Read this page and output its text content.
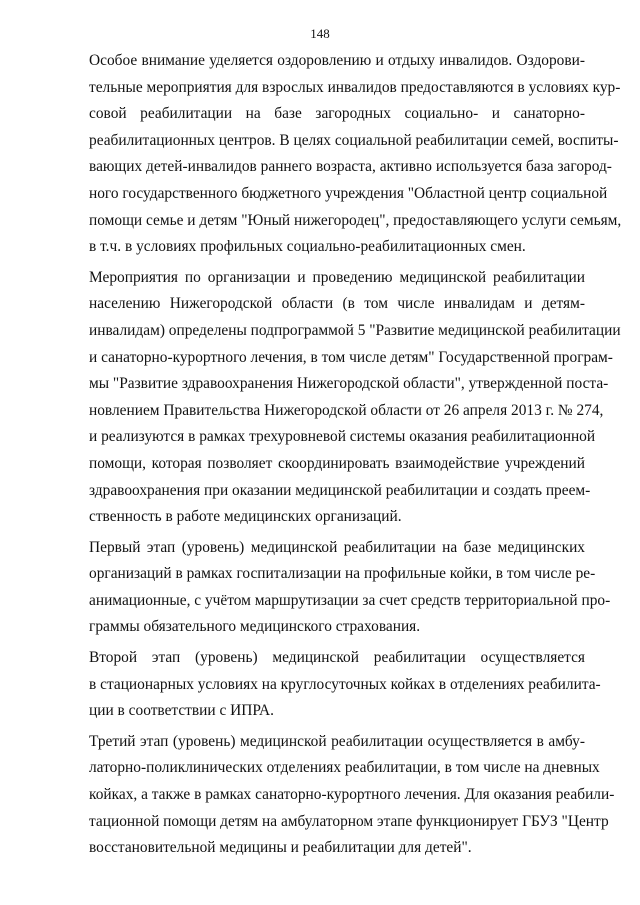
148

Особое внимание уделяется оздоровлению и отдыху инвалидов. Оздорови-
тельные мероприятия для взрослых инвалидов предоставляются в условиях кур-
совой реабилитации на базе загородных социально- и санаторно-
реабилитационных центров. В целях социальной реабилитации семей, воспиты-
вающих детей-инвалидов раннего возраста, активно используется база загород-
ного государственного бюджетного учреждения "Областной центр социальной
помощи семье и детям "Юный нижегородец", предоставляющего услуги семьям,
в т.ч. в условиях профильных социально-реабилитационных смен.

Мероприятия по организации и проведению медицинской реабилитации
населению Нижегородской области (в том числе инвалидам и детям-
инвалидам) определены подпрограммой 5 "Развитие медицинской реабилитации
и санаторно-курортного лечения, в том числе детям" Государственной програм-
мы "Развитие здравоохранения Нижегородской области", утвержденной поста-
новлением Правительства Нижегородской области от 26 апреля 2013 г. № 274,
и реализуются в рамках трехуровневой системы оказания реабилитационной
помощи, которая позволяет скоординировать взаимодействие учреждений
здравоохранения при оказании медицинской реабилитации и создать преем-
ственность в работе медицинских организаций.

Первый этап (уровень) медицинской реабилитации на базе медицинских
организаций в рамках госпитализации на профильные койки, в том числе ре-
анимационные, с учётом маршрутизации за счет средств территориальной про-
граммы обязательного медицинского страхования.

Второй этап (уровень) медицинской реабилитации осуществляется
в стационарных условиях на круглосуточных койках в отделениях реабилита-
ции в соответствии с ИПРА.

Третий этап (уровень) медицинской реабилитации осуществляется в амбу-
латорно-поликлинических отделениях реабилитации, в том числе на дневных
койках, а также в рамках санаторно-курортного лечения. Для оказания реабили-
тационной помощи детям на амбулаторном этапе функционирует ГБУЗ "Центр
восстановительной медицины и реабилитации для детей".
